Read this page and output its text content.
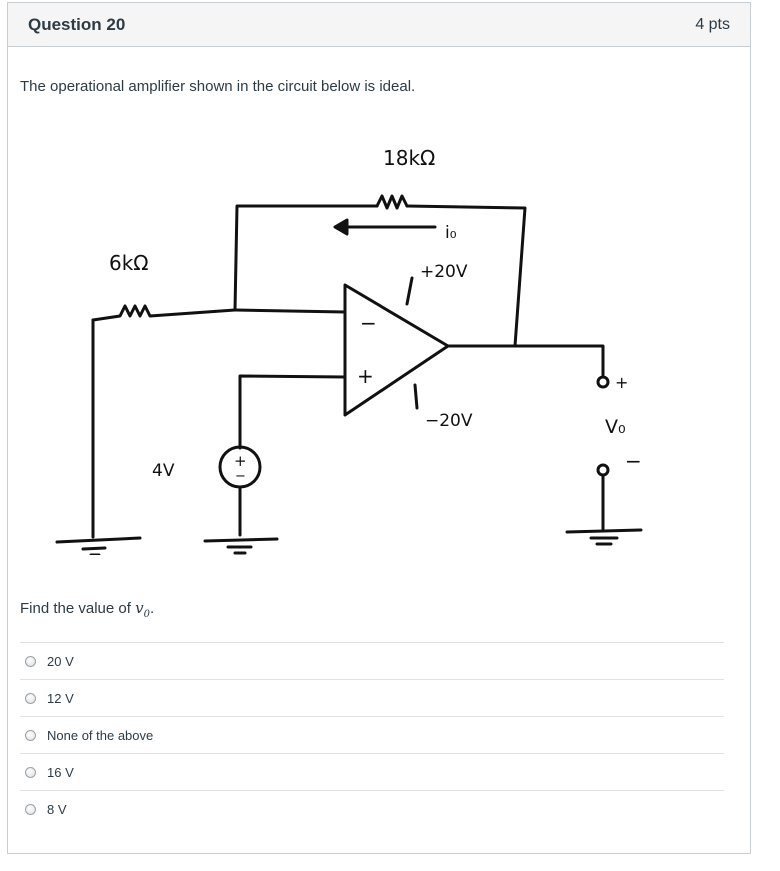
Question 20	4 pts
The operational amplifier shown in the circuit below is ideal.
18kΩ
i₀
6kΩ	+20V
−20V
−
+
+
−
4V
+
V₀
−
Find the value of $v_0$.
20 V
12 V
None of the above
16 V
8 V
